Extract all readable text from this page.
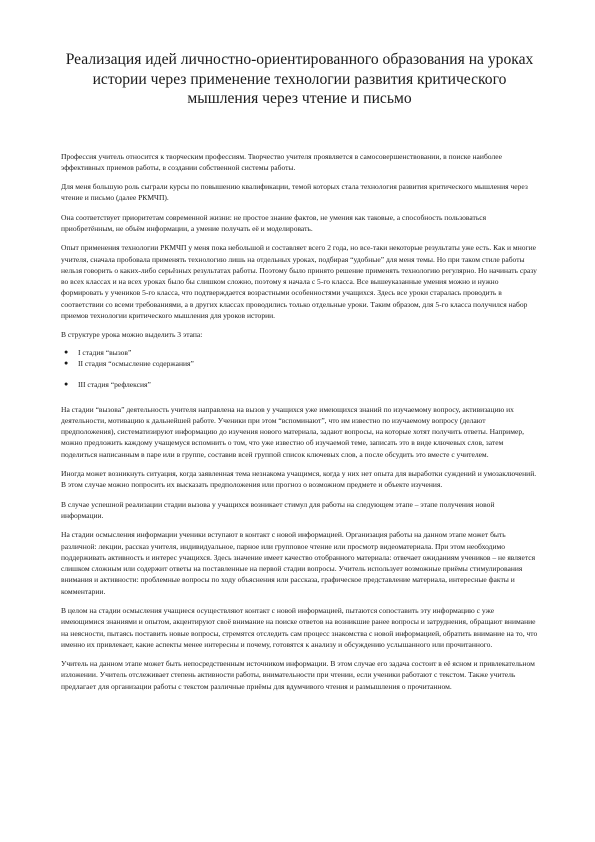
Реализация идей личностно-ориентированного образования на уроках истории через применение технологии развития критического мышления через чтение и письмо

Профессия учитель относится к творческим профессиям. Творчество учителя проявляется в самосовершенствовании, в поиске наиболее эффективных приемов работы, в создании собственной системы работы.

Для меня большую роль сыграли курсы по повышению квалификации, темой которых стала технология развития критического мышления через чтение и письмо (далее РКМЧП).

Она соответствует приоритетам современной жизни: не простое знание фактов, не умения как таковые, а способность пользоваться приобретённым, не объём информации, а умение получать её и моделировать.

Опыт применения технологии РКМЧП у меня пока небольшой и составляет всего 2 года, но все-таки некоторые результаты уже есть. Как и многие учителя, сначала пробовала применять технологию лишь на отдельных уроках, подбирая “удобные” для меня темы. Но при таком стиле работы нельзя говорить о каких-либо серьёзных результатах работы. Поэтому было принято решение применять технологию регулярно. Но начинать сразу во всех классах и на всех уроках было бы слишком сложно, поэтому я начала с 5-го класса. Все вышеуказанные умения можно и нужно формировать у учеников 5-го класса, что подтверждается возрастными особенностями учащихся. Здесь все уроки старалась проводить в соответствии со всеми требованиями, а в других классах проводились только отдельные уроки. Таким образом, для 5-го класса получился набор приемов технологии критического мышления для уроков истории.

В структуре урока можно выделить 3 этапа:

● I стадия “вызов”
● II стадия “осмысление содержания”
● III стадия “рефлексия”

На стадии “вызова” деятельность учителя направлена на вызов у учащихся уже имеющихся знаний по изучаемому вопросу, активизацию их деятельности, мотивацию к дальнейшей работе. Ученики при этом “вспоминают”, что им известно по изучаемому вопросу (делают предположения), систематизируют информацию до изучения нового материала, задают вопросы, на которые хотят получить ответы. Например, можно предложить каждому учащемуся вспомнить о том, что уже известно об изучаемой теме, записать это в виде ключевых слов, затем поделиться написанным в паре или в группе, составив всей группой список ключевых слов, а после обсудить это вместе с учителем.

Иногда может возникнуть ситуация, когда заявленная тема незнакома учащимся, когда у них нет опыта для выработки суждений и умозаключений. В этом случае можно попросить их высказать предположения или прогноз о возможном предмете и объекте изучения.

В случае успешной реализации стадии вызова у учащихся возникает стимул для работы на следующем этапе – этапе получения новой информации.

На стадии осмысления информации ученики вступают в контакт с новой информацией. Организация работы на данном этапе может быть различной: лекции, рассказ учителя, индивидуальное, парное или групповое чтение или просмотр видеоматериала. При этом необходимо поддерживать активность и интерес учащихся. Здесь значение имеет качество отобранного материала: отвечает ожиданиям учеников – не является слишком сложным или содержит ответы на поставленные на первой стадии вопросы. Учитель использует возможные приёмы стимулирования внимания и активности: проблемные вопросы по ходу объяснения или рассказа, графическое представление материала, интересные факты и комментарии.

В целом на стадии осмысления учащиеся осуществляют контакт с новой информацией, пытаются сопоставить эту информацию с уже имеющимися знаниями и опытом, акцентируют своё внимание на поиске ответов на возникшие ранее вопросы и затруднения, обращают внимание на неясности, пытаясь поставить новые вопросы, стремятся отследить сам процесс знакомства с новой информацией, обратить внимание на то, что именно их привлекает, какие аспекты менее интересны и почему, готовятся к анализу и обсуждению услышанного или прочитанного.

Учитель на данном этапе может быть непосредственным источником информации. В этом случае его задача состоит в её ясном и привлекательном изложении. Учитель отслеживает степень активности работы, внимательности при чтении, если ученики работают с текстом. Также учитель предлагает для организации работы с текстом различные приёмы для вдумчивого чтения и размышления о прочитанном.
